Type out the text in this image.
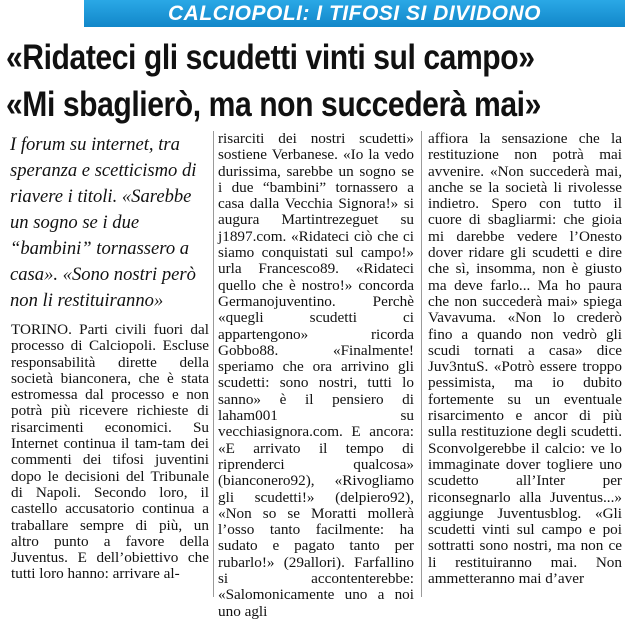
CALCIOPOLI: I TIFOSI SI DIVIDONO
«Ridateci gli scudetti vinti sul campo»
«Mi sbaglierò, ma non succederà mai»
I forum su internet, tra speranza e scetticismo di riavere i titoli. «Sarebbe un sogno se i due “bambini” tornassero a casa». «Sono nostri però non li restituiranno»

TORINO. Parti civili fuori dal processo di Calciopoli. Escluse responsabilità dirette della società bianconera, che è stata estromessa dal processo e non potrà più ricevere richieste di risarcimenti economici. Su Internet continua il tam-tam dei commenti dei tifosi juventini dopo le decisioni del Tribunale di Napoli. Secondo loro, il castello accusatorio continua a traballare sempre di più, un altro punto a favore della Juventus. E dell’obiettivo che tutti loro hanno: arrivare al-

risarciti dei nostri scudetti» sostiene Verbanese. «Io la vedo durissima, sarebbe un sogno se i due “bambini” tornassero a casa dalla Vecchia Signora!» si augura Martintrezeguet su j1897.com. «Ridateci ciò che ci siamo conquistati sul campo!» urla Francesco89. «Ridateci quello che è nostro!» concorda Germanojuventino. Perchè «quegli scudetti ci appartengono» ricorda Gobbo88. «Finalmente! speriamo che ora arrivino gli scudetti: sono nostri, tutti lo sanno» è il pensiero di laham001 su vecchiasignora.com. E ancora: «E arrivato il tempo di riprenderci qualcosa» (bianconero92), «Rivogliamo gli scudetti!» (delpiero92), «Non so se Moratti mollerà l’osso tanto facilmente: ha sudato e pagato tanto per rubarlo!» (29allori). Farfallino si accontenterebbe: «Salomonicamente uno a noi uno agli

affiora la sensazione che la restituzione non potrà mai avvenire. «Non succederà mai, anche se la società li rivolesse indietro. Spero con tutto il cuore di sbagliarmi: che gioia mi darebbe vedere l’Onesto dover ridare gli scudetti e dire che sì, insomma, non è giusto ma deve farlo... Ma ho paura che non succederà mai» spiega Vavavuma. «Non lo crederò fino a quando non vedrò gli scudi tornati a casa» dice Juv3ntuS. «Potrò essere troppo pessimista, ma io dubito fortemente su un eventuale risarcimento e ancor di più sulla restituzione degli scudetti. Sconvolgerebbe il calcio: ve lo immaginate dover togliere uno scudetto all’Inter per riconsegnarlo alla Juventus...» aggiunge Juventusblog. «Gli scudetti vinti sul campo e poi sottratti sono nostri, ma non ce li restituiranno mai. Non ammetteranno mai d’aver
